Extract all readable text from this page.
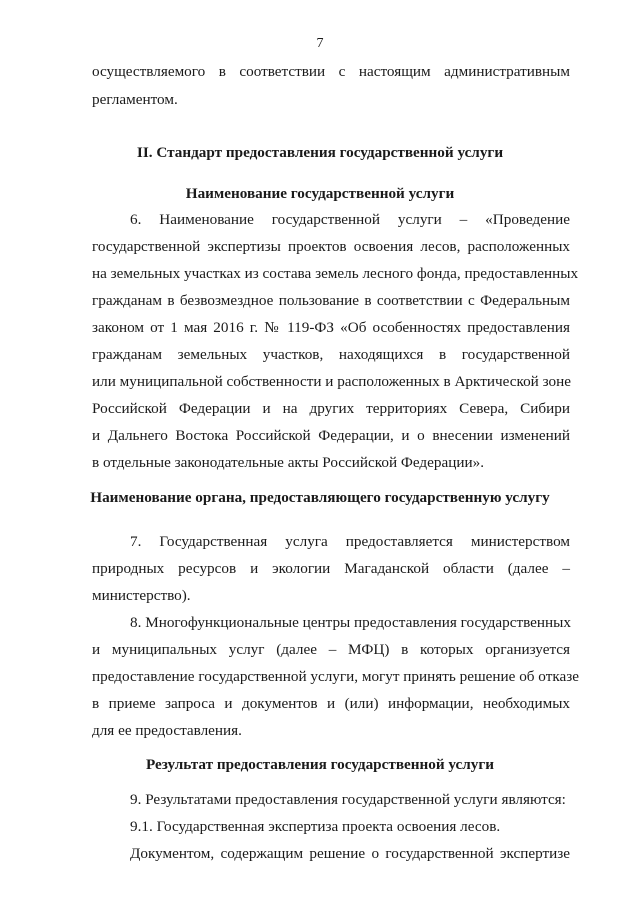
7
осуществляемого в соответствии с настоящим административным
регламентом.
II. Стандарт предоставления государственной услуги
Наименование государственной услуги
6. Наименование государственной услуги – «Проведение
государственной экспертизы проектов освоения лесов, расположенных
на земельных участках из состава земель лесного фонда, предоставленных
гражданам в безвозмездное пользование в соответствии с Федеральным
законом от 1 мая 2016 г. № 119-ФЗ «Об особенностях предоставления
гражданам земельных участков, находящихся в государственной
или муниципальной собственности и расположенных в Арктической зоне
Российской Федерации и на других территориях Севера, Сибири
и Дальнего Востока Российской Федерации, и о внесении изменений
в отдельные законодательные акты Российской Федерации».
Наименование органа, предоставляющего государственную услугу
7. Государственная услуга предоставляется министерством
природных ресурсов и экологии Магаданской области (далее –
министерство).
8. Многофункциональные центры предоставления государственных
и муниципальных услуг (далее – МФЦ) в которых организуется
предоставление государственной услуги, могут принять решение об отказе
в приеме запроса и документов и (или) информации, необходимых
для ее предоставления.
Результат предоставления государственной услуги
9. Результатами предоставления государственной услуги являются:
9.1. Государственная экспертиза проекта освоения лесов.
Документом, содержащим решение о государственной экспертизе
